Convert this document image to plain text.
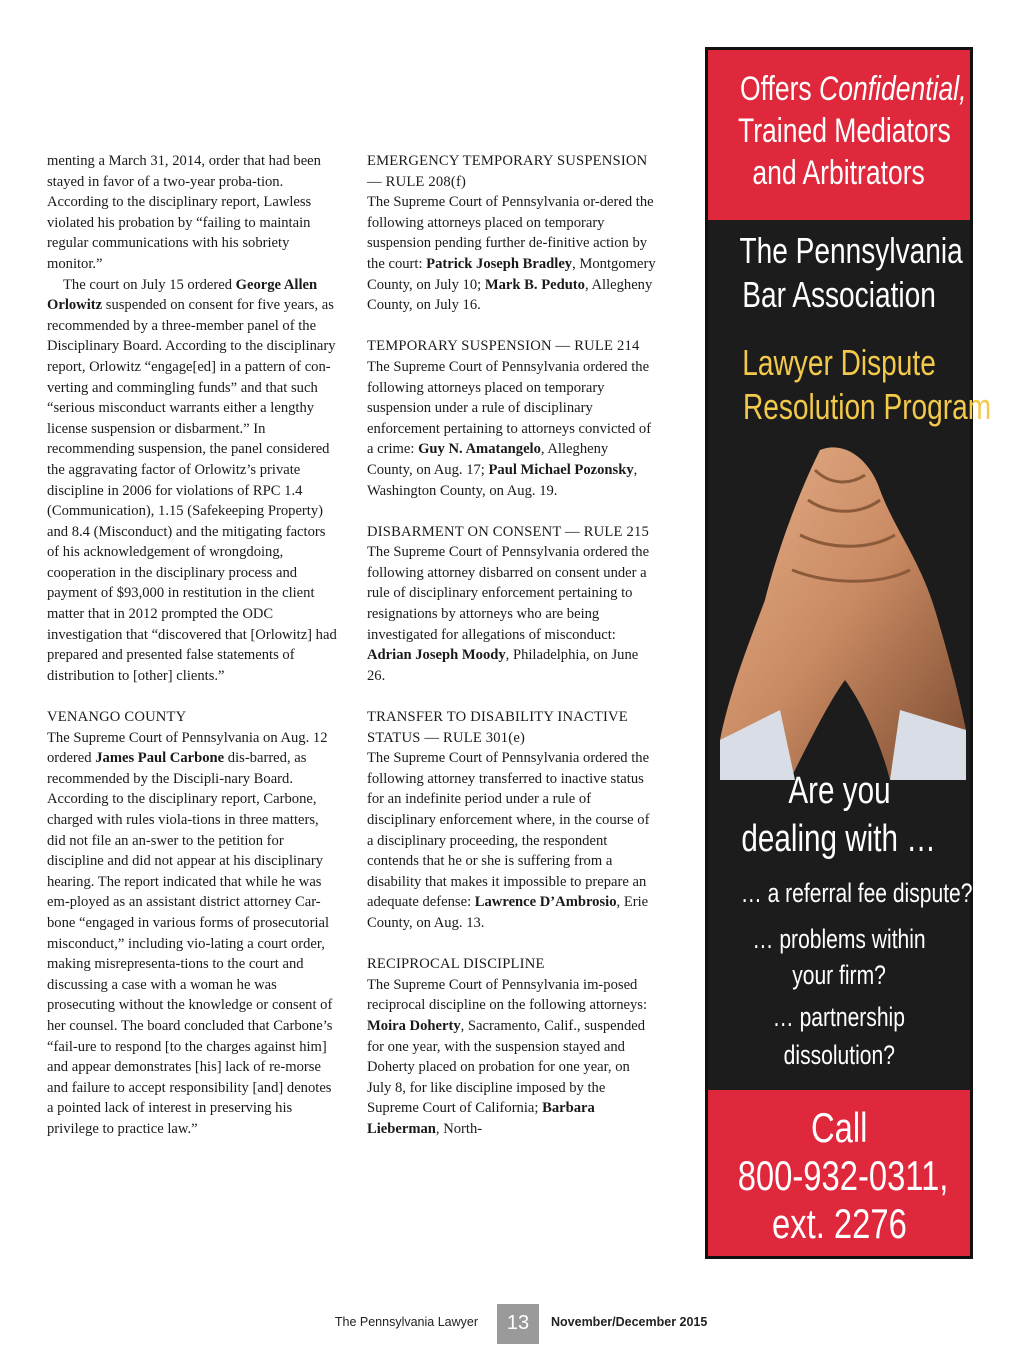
menting a March 31, 2014, order that had been stayed in favor of a two-year proba-tion. According to the disciplinary report, Lawless violated his probation by “failing to maintain regular communications with his sobriety monitor.”

The court on July 15 ordered George Allen Orlowitz suspended on consent for five years, as recommended by a three-member panel of the Disciplinary Board. According to the disciplinary report, Orlowitz “engage[ed] in a pattern of con-verting and commingling funds” and that such “serious misconduct warrants either a lengthy license suspension or disbarment.” In recommending suspension, the panel considered the aggravating factor of Orlowitz’s private discipline in 2006 for violations of RPC 1.4 (Communication), 1.15 (Safekeeping Property) and 8.4 (Misconduct) and the mitigating factors of his acknowledgement of wrongdoing, cooperation in the disciplinary process and payment of $93,000 in restitution in the client matter that in 2012 prompted the ODC investigation that “discovered that [Orlowitz] had prepared and presented false statements of distribution to [other] clients.”

VENANGO COUNTY

The Supreme Court of Pennsylvania on Aug. 12 ordered James Paul Carbone dis-barred, as recommended by the Discipli-nary Board. According to the disciplinary report, Carbone, charged with rules viola-tions in three matters, did not file an an-swer to the petition for discipline and did not appear at his disciplinary hearing. The report indicated that while he was em-ployed as an assistant district attorney Car-bone “engaged in various forms of prosecutorial misconduct,” including vio-lating a court order, making misrepresenta-tions to the court and discussing a case with a woman he was prosecuting without the knowledge or consent of her counsel. The board concluded that Carbone’s “fail-ure to respond [to the charges against him] and appear demonstrates [his] lack of re-morse and failure to accept responsibility [and] denotes a pointed lack of interest in preserving his privilege to practice law.”

EMERGENCY TEMPORARY SUSPENSION — RULE 208(f)

The Supreme Court of Pennsylvania or-dered the following attorneys placed on temporary suspension pending further de-finitive action by the court: Patrick Joseph Bradley, Montgomery County, on July 10; Mark B. Peduto, Allegheny County, on July 16.

TEMPORARY SUSPENSION — RULE 214

The Supreme Court of Pennsylvania ordered the following attorneys placed on temporary suspension under a rule of disciplinary enforcement pertaining to attorneys convicted of a crime: Guy N. Amatangelo, Allegheny County, on Aug. 17; Paul Michael Pozonsky, Washington County, on Aug. 19.

DISBARMENT ON CONSENT — RULE 215

The Supreme Court of Pennsylvania ordered the following attorney disbarred on consent under a rule of disciplinary enforcement pertaining to resignations by attorneys who are being investigated for allegations of misconduct: Adrian Joseph Moody, Philadelphia, on June 26.

TRANSFER TO DISABILITY INACTIVE STATUS — RULE 301(e)

The Supreme Court of Pennsylvania ordered the following attorney transferred to inactive status for an indefinite period under a rule of disciplinary enforcement where, in the course of a disciplinary proceeding, the respondent contends that he or she is suffering from a disability that makes it impossible to prepare an adequate defense: Lawrence D’Ambrosio, Erie County, on Aug. 13.

RECIPROCAL DISCIPLINE

The Supreme Court of Pennsylvania im-posed reciprocal discipline on the following attorneys: Moira Doherty, Sacramento, Calif., suspended for one year, with the suspension stayed and Doherty placed on probation for one year, on July 8, for like discipline imposed by the Supreme Court of California; Barbara Lieberman, North-

Offers Confidential,
Trained Mediators
and Arbitrators
The Pennsylvania
Bar Association
Lawyer Dispute
Resolution Program
Are you
dealing with …
… a referral fee dispute?
… problems within
your firm?
… partnership
dissolution?
Call
800-932-0311,
ext. 2276
The Pennsylvania Lawyer	13	November/December 2015
